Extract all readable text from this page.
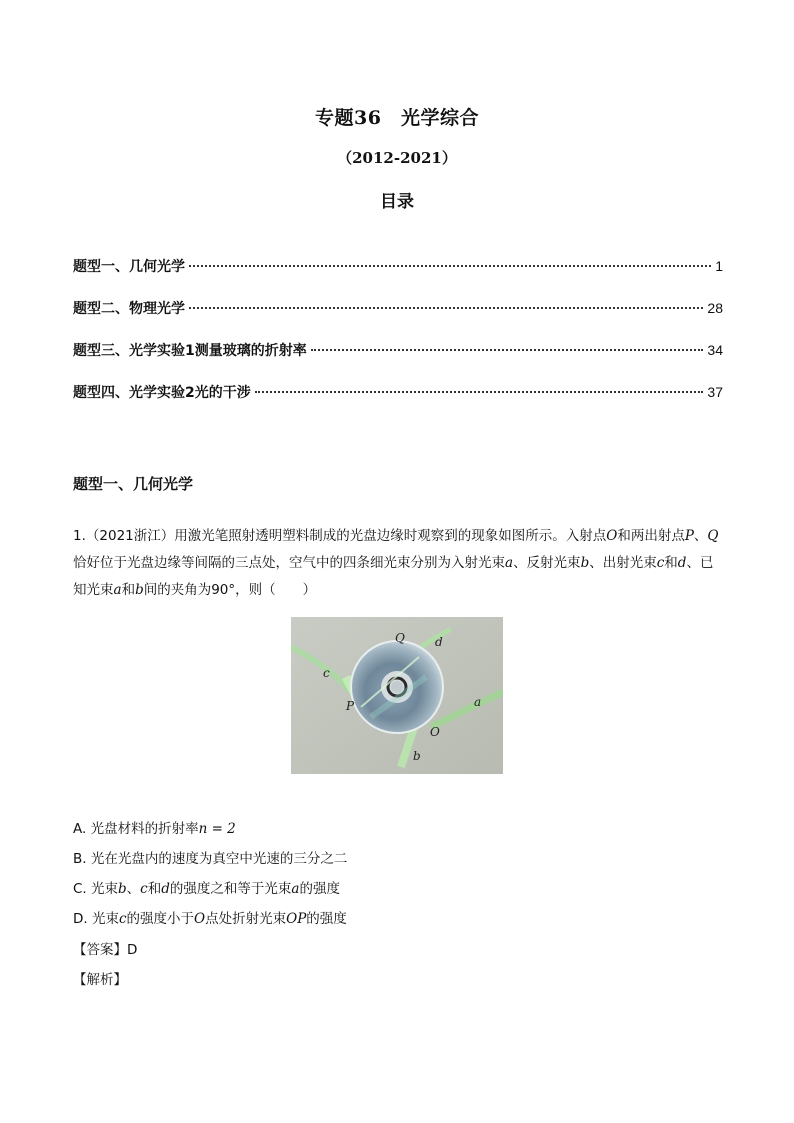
专题36　光学综合
（2012-2021）
目录
题型一、几何光学	1
题型二、物理光学	28
题型三、光学实验1测量玻璃的折射率	34
题型四、光学实验2光的干涉	37
题型一、几何光学
1.（2021浙江）用激光笔照射透明塑料制成的光盘边缘时观察到的现象如图所示。入射点O和两出射点P、Q恰好位于光盘边缘等间隔的三点处，空气中的四条细光束分别为入射光束a、反射光束b、出射光束c和d、已知光束a和b间的夹角为90°，则（　　）
Q	d
c
P	a
O
b
A. 光盘材料的折射率n = 2
B. 光在光盘内的速度为真空中光速的三分之二
C. 光束b、c和d的强度之和等于光束a的强度
D. 光束c的强度小于O点处折射光束OP的强度
【答案】D
【解析】
